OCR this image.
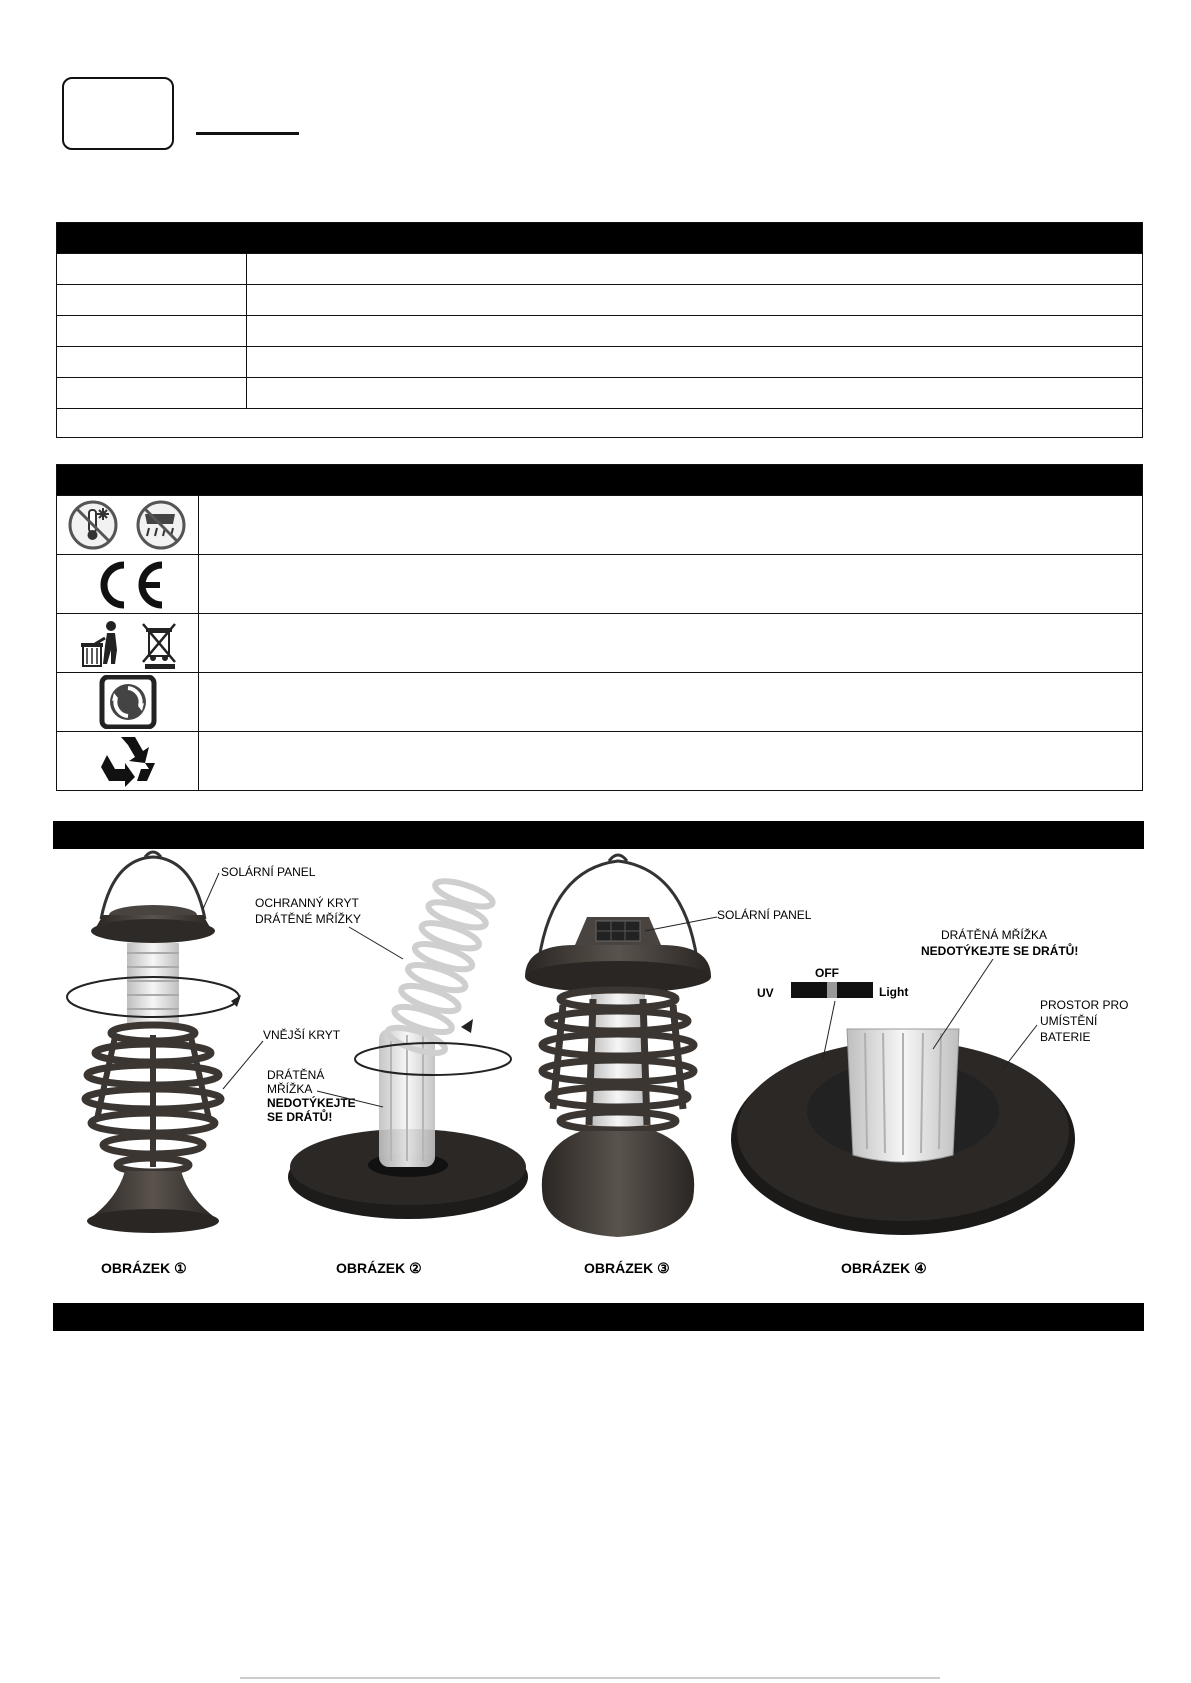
SOLÁRNÍ PANEL
VNĚJŠÍ KRYT
OBRÁZEK ①
OCHRANNÝ KRYT
DRÁTĚNÉ MŘÍŽKY
DRÁTĚNÁ
MŘÍŽKA
NEDOTÝKEJTE
SE DRÁTŮ!
OBRÁZEK ②
SOLÁRNÍ PANEL
OBRÁZEK ③
OFF
UV	Light
DRÁTĚNÁ MŘÍŽKA
NEDOTÝKEJTE SE DRÁTŮ!
PROSTOR PRO
UMÍSTĚNÍ
BATERIE
OBRÁZEK ④
